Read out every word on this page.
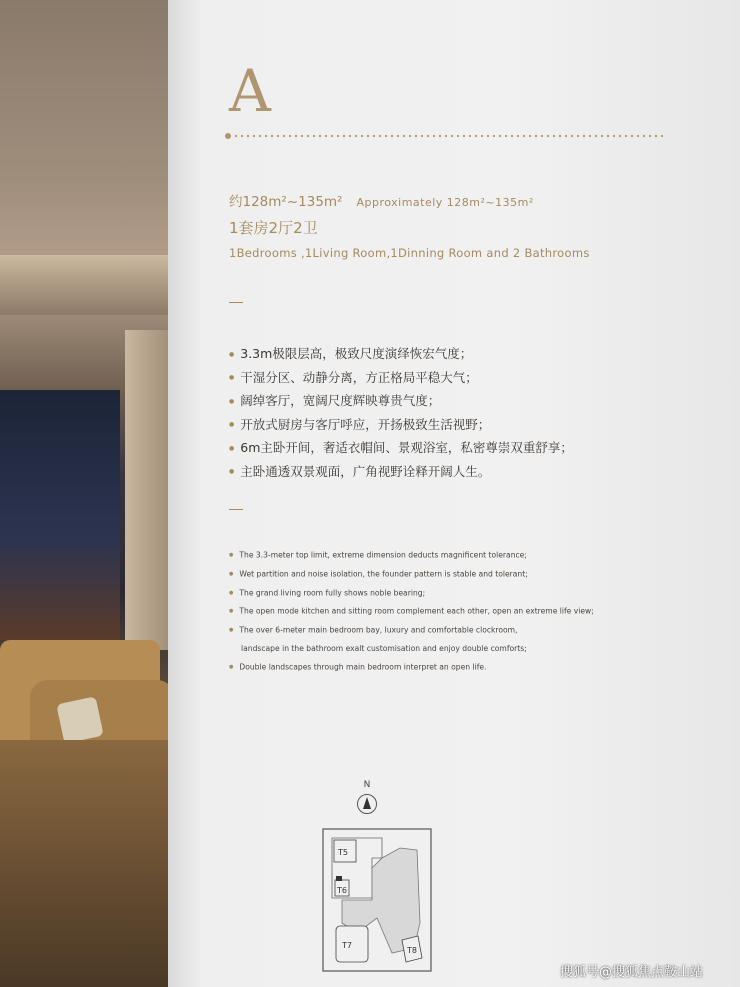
A
约128m²~135m² Approximately 128m²~135m²
1套房2厅2卫
1Bedrooms ,1Living Room,1Dinning Room and 2 Bathrooms
● 3.3m极限层高，极致尺度演绎恢宏气度；
● 干湿分区、动静分离，方正格局平稳大气；
● 阔绰客厅，宽阔尺度辉映尊贵气度；
● 开放式厨房与客厅呼应，开扬极致生活视野；
● 6m主卧开间，奢适衣帽间、景观浴室，私密尊崇双重舒享；
● 主卧通透双景观面，广角视野诠释开阔人生。
● The 3.3-meter top limit, extreme dimension deducts magnificent tolerance;
● Wet partition and noise isolation, the founder pattern is stable and tolerant;
● The grand living room fully shows noble bearing;
● The open mode kitchen and sitting room complement each other, open an extreme life view;
● The over 6-meter main bedroom bay, luxury and comfortable clockroom,
landscape in the bathroom exalt customisation and enjoy double comforts;
● Double landscapes through main bedroom interpret an open life.
N
T5
T6
T7
T8
搜狐号@搜狐焦点鞍山站
